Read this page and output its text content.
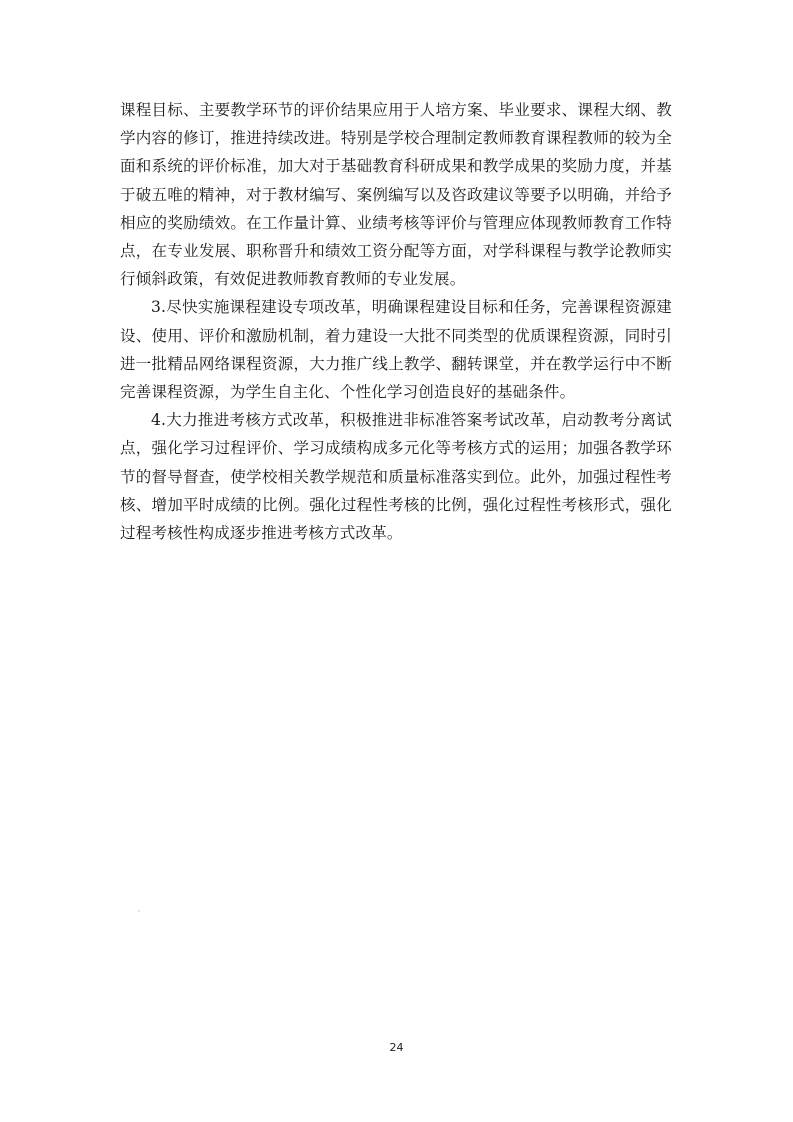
课程目标、主要教学环节的评价结果应用于人培方案、毕业要求、课程大纲、教学内容的修订，推进持续改进。特别是学校合理制定教师教育课程教师的较为全面和系统的评价标准，加大对于基础教育科研成果和教学成果的奖励力度，并基于破五唯的精神，对于教材编写、案例编写以及咨政建议等要予以明确，并给予相应的奖励绩效。在工作量计算、业绩考核等评价与管理应体现教师教育工作特点，在专业发展、职称晋升和绩效工资分配等方面，对学科课程与教学论教师实行倾斜政策，有效促进教师教育教师的专业发展。

3.尽快实施课程建设专项改革，明确课程建设目标和任务，完善课程资源建设、使用、评价和激励机制，着力建设一大批不同类型的优质课程资源，同时引进一批精品网络课程资源，大力推广线上教学、翻转课堂，并在教学运行中不断完善课程资源，为学生自主化、个性化学习创造良好的基础条件。

4.大力推进考核方式改革，积极推进非标准答案考试改革，启动教考分离试点，强化学习过程评价、学习成绩构成多元化等考核方式的运用；加强各教学环节的督导督查，使学校相关教学规范和质量标准落实到位。此外，加强过程性考核、增加平时成绩的比例。强化过程性考核的比例，强化过程性考核形式，强化过程考核性构成逐步推进考核方式改革。

24
